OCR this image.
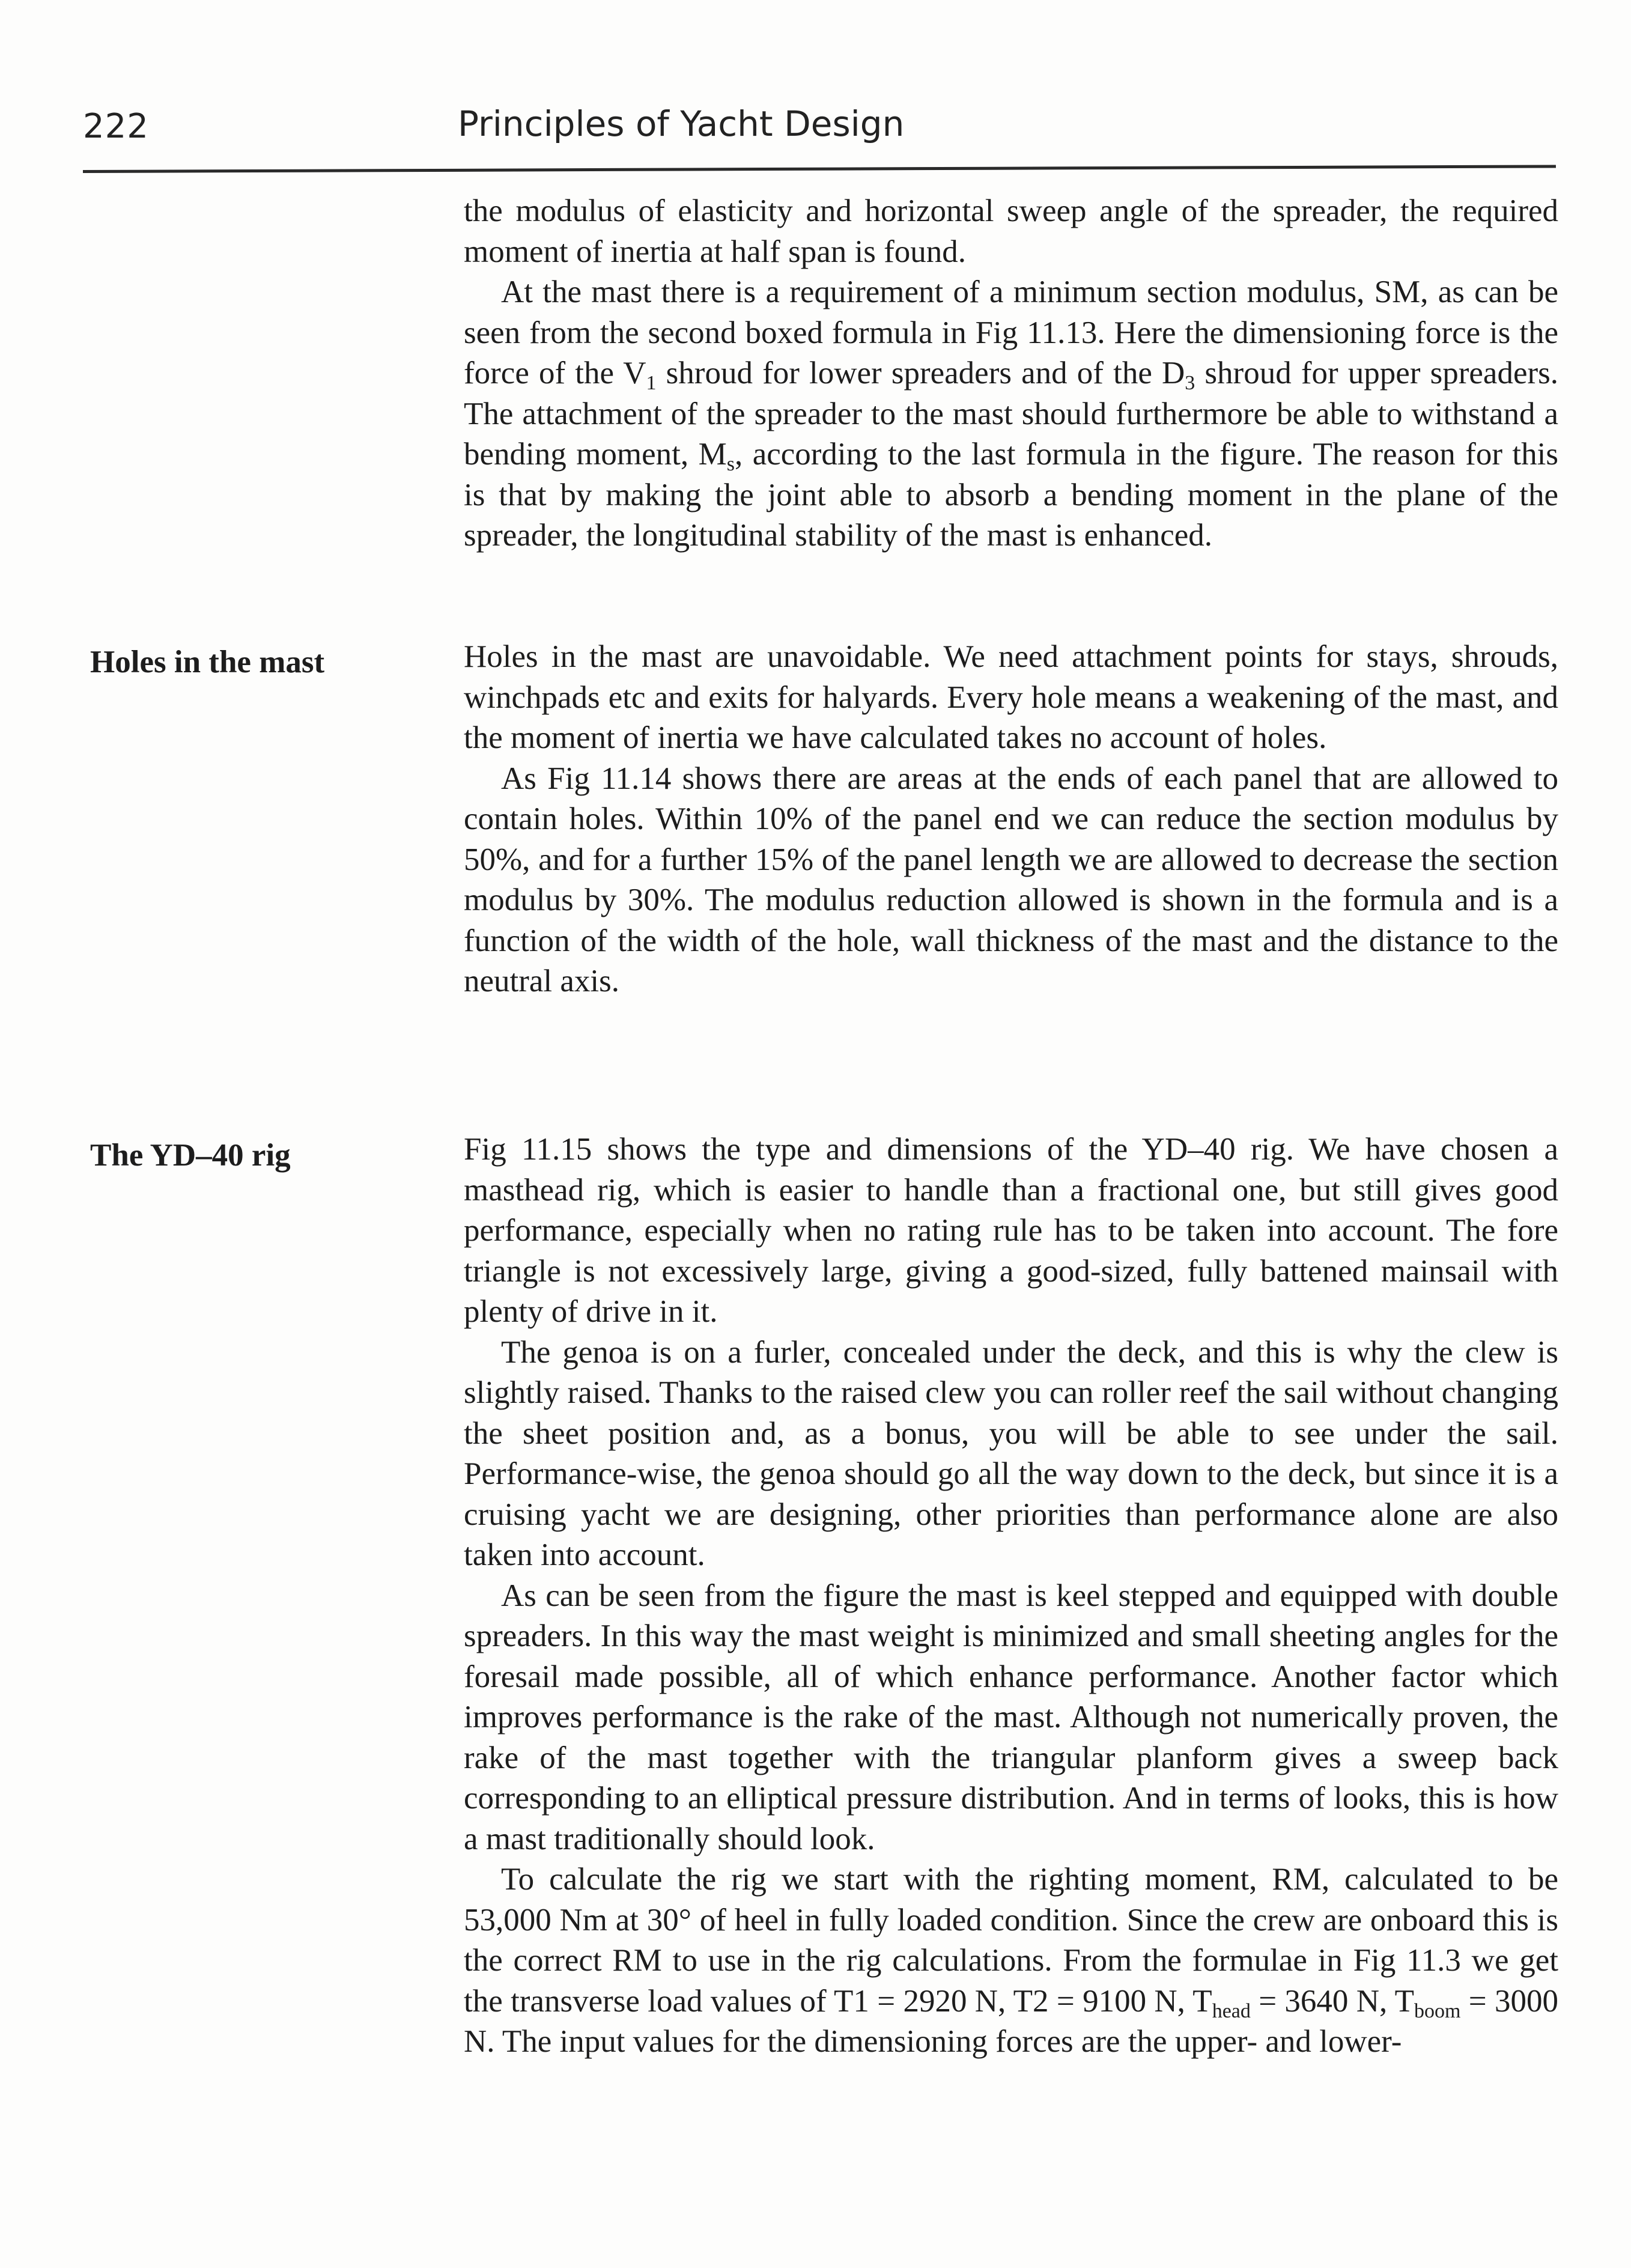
222	Principles of Yacht Design

the modulus of elasticity and horizontal sweep angle of the spreader, the required moment of inertia at half span is found.

At the mast there is a requirement of a minimum section modulus, SM, as can be seen from the second boxed formula in Fig 11.13. Here the dimensioning force is the force of the $V_1$ shroud for lower spreaders and of the $D_3$ shroud for upper spreaders. The attachment of the spreader to the mast should furthermore be able to withstand a bending moment, $M_s$, according to the last formula in the figure. The reason for this is that by making the joint able to absorb a bending moment in the plane of the spreader, the longitudinal stability of the mast is enhanced.

Holes in the mast	Holes in the mast are unavoidable. We need attachment points for stays, shrouds, winchpads etc and exits for halyards. Every hole means a weakening of the mast, and the moment of inertia we have calculated takes no account of holes.

As Fig 11.14 shows there are areas at the ends of each panel that are allowed to contain holes. Within 10% of the panel end we can reduce the section modulus by 50%, and for a further 15% of the panel length we are allowed to decrease the section modulus by 30%. The modulus reduction allowed is shown in the formula and is a function of the width of the hole, wall thickness of the mast and the distance to the neutral axis.

The YD–40 rig	Fig 11.15 shows the type and dimensions of the YD–40 rig. We have chosen a masthead rig, which is easier to handle than a fractional one, but still gives good performance, especially when no rating rule has to be taken into account. The fore triangle is not excessively large, giving a good-sized, fully battened mainsail with plenty of drive in it.

The genoa is on a furler, concealed under the deck, and this is why the clew is slightly raised. Thanks to the raised clew you can roller reef the sail without changing the sheet position and, as a bonus, you will be able to see under the sail. Performance-wise, the genoa should go all the way down to the deck, but since it is a cruising yacht we are designing, other priorities than performance alone are also taken into account.

As can be seen from the figure the mast is keel stepped and equipped with double spreaders. In this way the mast weight is minimized and small sheeting angles for the foresail made possible, all of which enhance performance. Another factor which improves performance is the rake of the mast. Although not numerically proven, the rake of the mast together with the triangular planform gives a sweep back corresponding to an elliptical pressure distribution. And in terms of looks, this is how a mast traditionally should look.

To calculate the rig we start with the righting moment, RM, calculated to be 53,000 Nm at 30° of heel in fully loaded condition. Since the crew are onboard this is the correct RM to use in the rig calculations. From the formulae in Fig 11.3 we get the transverse load values of T1 = 2920 N, T2 = 9100 N, $T_{head} = 3640$ N, $T_{boom} = 3000$ N. The input values for the dimensioning forces are the upper- and lower-
